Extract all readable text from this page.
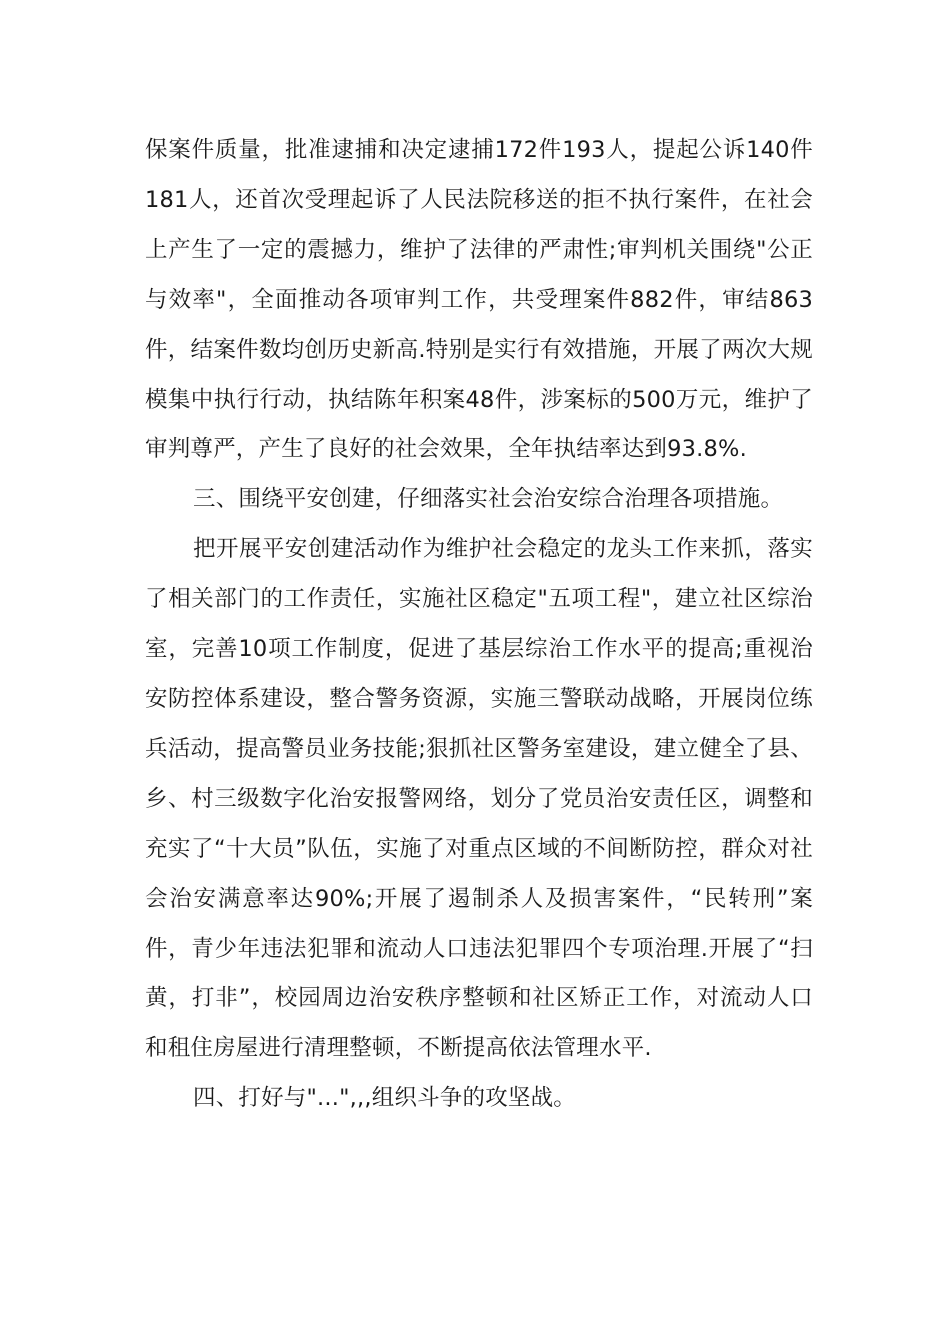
保案件质量，批准逮捕和决定逮捕172件193人，提起公诉140件181人，还首次受理起诉了人民法院移送的拒不执行案件，在社会上产生了一定的震撼力，维护了法律的严肃性;审判机关围绕"公正与效率"，全面推动各项审判工作，共受理案件882件，审结863件，结案件数均创历史新高.特别是实行有效措施，开展了两次大规模集中执行行动，执结陈年积案48件，涉案标的500万元，维护了审判尊严，产生了良好的社会效果，全年执结率达到93.8%.

三、围绕平安创建，仔细落实社会治安综合治理各项措施。

把开展平安创建活动作为维护社会稳定的龙头工作来抓，落实了相关部门的工作责任，实施社区稳定"五项工程"，建立社区综治室，完善10项工作制度，促进了基层综治工作水平的提高;重视治安防控体系建设，整合警务资源，实施三警联动战略，开展岗位练兵活动，提高警员业务技能;狠抓社区警务室建设，建立健全了县、乡、村三级数字化治安报警网络，划分了党员治安责任区，调整和充实了“十大员”队伍，实施了对重点区域的不间断防控，群众对社会治安满意率达90%;开展了遏制杀人及损害案件，“民转刑”案件，青少年违法犯罪和流动人口违法犯罪四个专项治理.开展了“扫黄，打非”，校园周边治安秩序整顿和社区矫正工作，对流动人口和租住房屋进行清理整顿，不断提高依法管理水平.

四、打好与"...",,,组织斗争的攻坚战。
